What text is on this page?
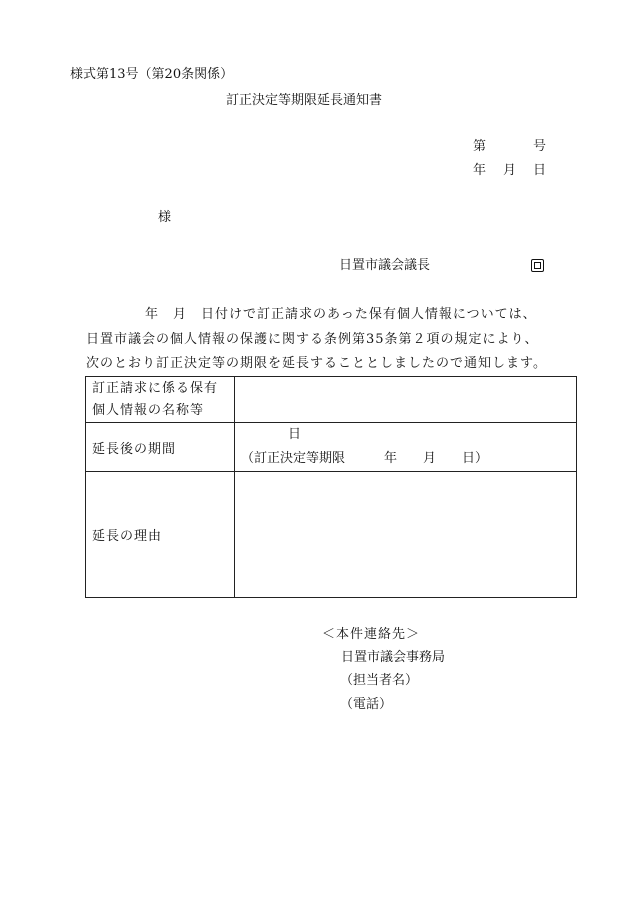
様式第13号（第20条関係）
訂正決定等期限延長通知書
第	号
年 月 日
様
日置市議会議長
年　月　日付けで訂正請求のあった保有個人情報については、
日置市議会の個人情報の保護に関する条例第35条第２項の規定により、
次のとおり訂正決定等の期限を延長することとしましたので通知します。
訂正請求に係る保有
個人情報の名称等	

延長後の期間	日
（訂正決定等期限　　　年　　月　　日）

延長の理由	
＜本件連絡先＞
日置市議会事務局
（担当者名）
（電話）
